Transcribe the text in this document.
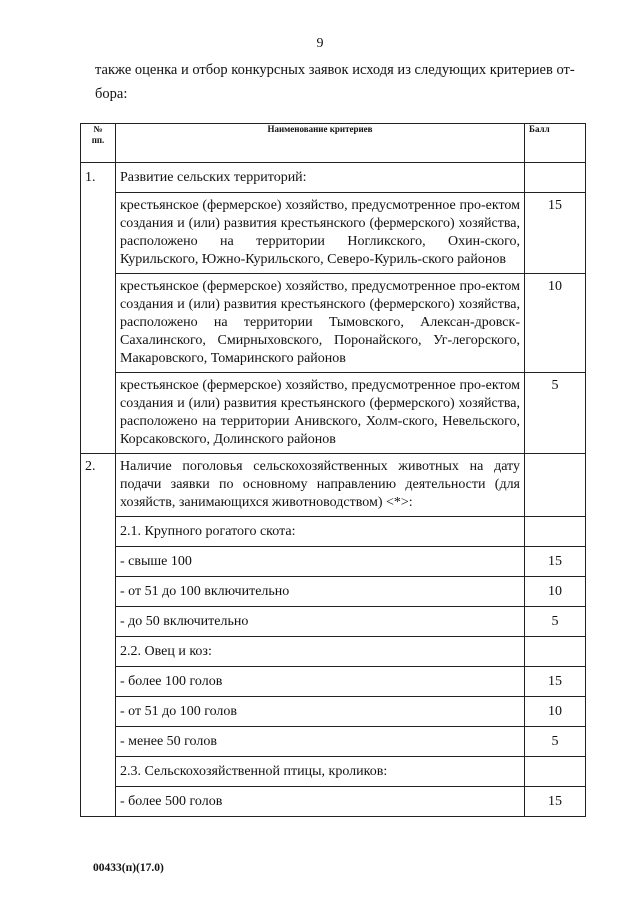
9
также оценка и отбор конкурсных заявок исходя из следующих критериев от-
бора:
№
пп.	Наименование критериев	Балл
1.	Развитие сельских территорий:	
	крестьянское (фермерское) хозяйство, предусмотренное про-ектом создания и (или) развития крестьянского (фермерского) хозяйства, расположено на территории Ногликского, Охин-ского, Курильского, Южно-Курильского, Северо-Куриль-ского районов	15
	крестьянское (фермерское) хозяйство, предусмотренное про-ектом создания и (или) развития крестьянского (фермерского) хозяйства, расположено на территории Тымовского, Алексан-дровск-Сахалинского, Смирныховского, Поронайского, Уг-легорского, Макаровского, Томаринского районов	10
	крестьянское (фермерское) хозяйство, предусмотренное про-ектом создания и (или) развития крестьянского (фермерского) хозяйства, расположено на территории Анивского, Холм-ского, Невельского, Корсаковского, Долинского районов	5
2.	Наличие поголовья сельскохозяйственных животных на дату подачи заявки по основному направлению деятельности (для хозяйств, занимающихся животноводством) <*>:	
	2.1. Крупного рогатого скота:	
	- свыше 100	15
	- от 51 до 100 включительно	10
	- до 50 включительно	5
	2.2. Овец и коз:	
	- более 100 голов	15
	- от 51 до 100 голов	10
	- менее 50 голов	5
	2.3. Сельскохозяйственной птицы, кроликов:	
	- более 500 голов	15
00433(п)(17.0)
